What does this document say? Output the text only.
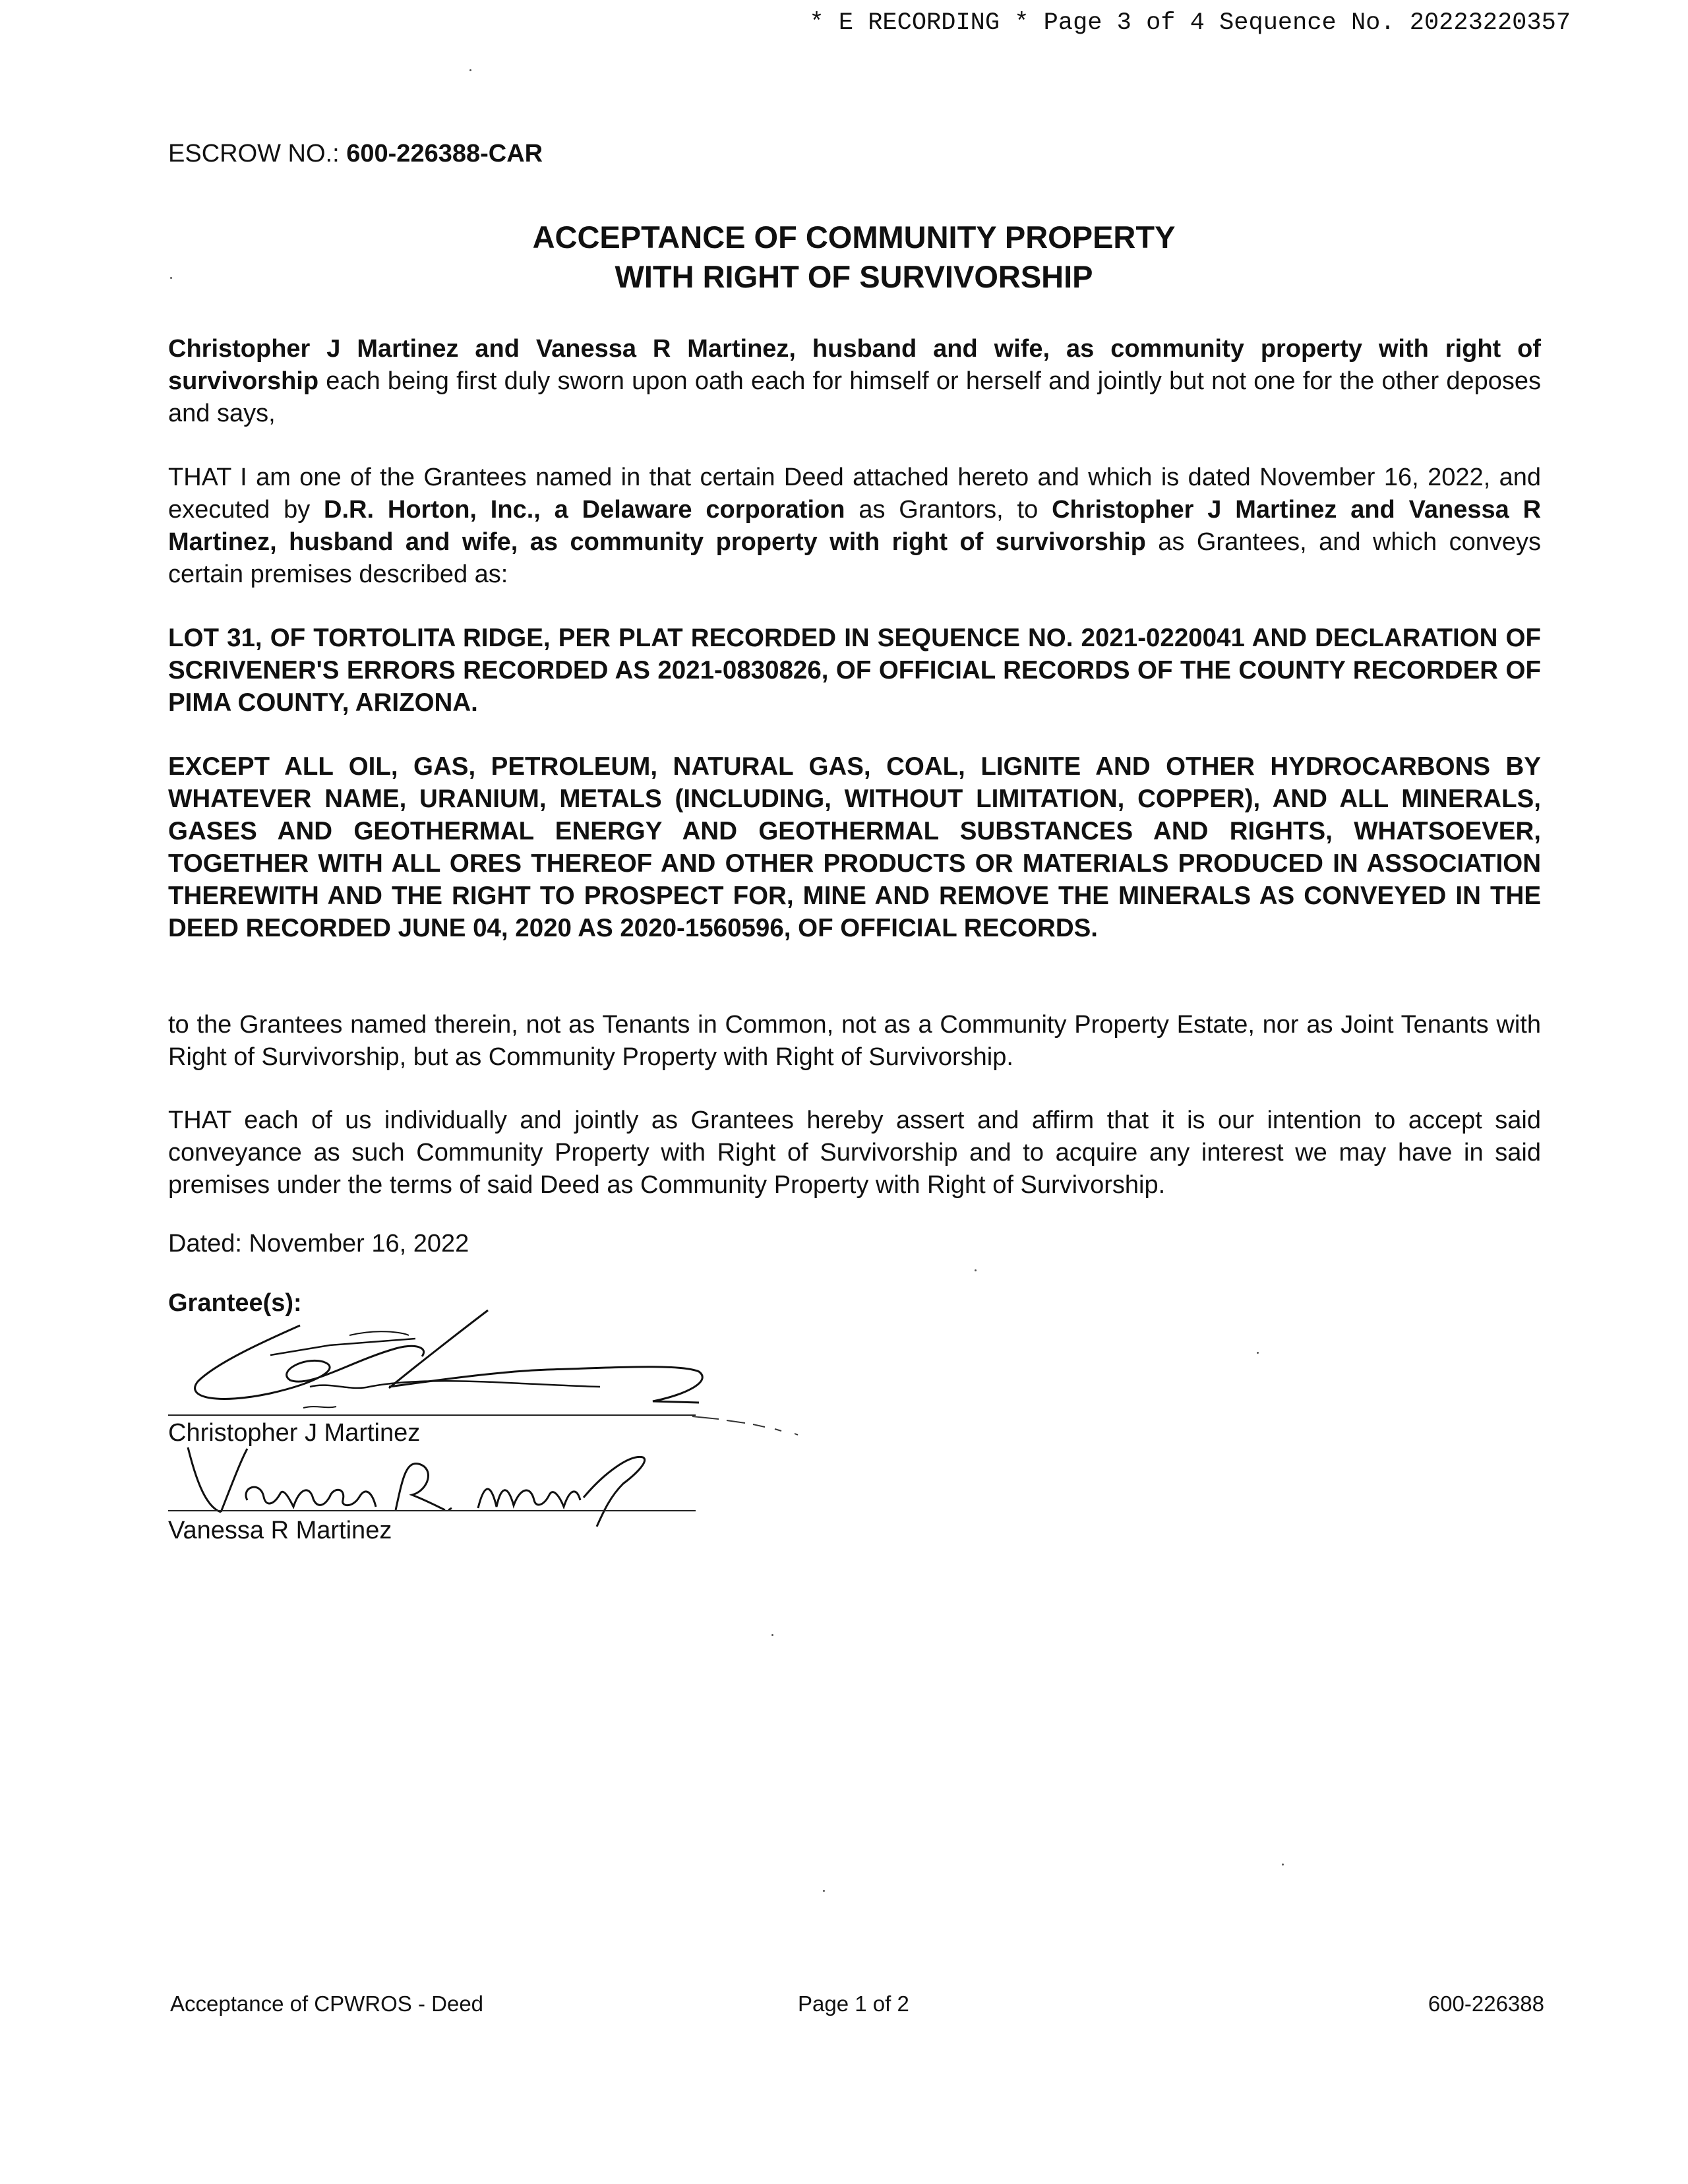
* E RECORDING * Page 3 of 4 Sequence No. 20223220357
ESCROW NO.: 600-226388-CAR
ACCEPTANCE OF COMMUNITY PROPERTY
WITH RIGHT OF SURVIVORSHIP
Christopher J Martinez and Vanessa R Martinez, husband and wife, as community property with right of survivorship each being first duly sworn upon oath each for himself or herself and jointly but not one for the other deposes and says,
THAT I am one of the Grantees named in that certain Deed attached hereto and which is dated November 16, 2022, and executed by D.R. Horton, Inc., a Delaware corporation as Grantors, to Christopher J Martinez and Vanessa R Martinez, husband and wife, as community property with right of survivorship as Grantees, and which conveys certain premises described as:
LOT 31, OF TORTOLITA RIDGE, PER PLAT RECORDED IN SEQUENCE NO. 2021-0220041 AND DECLARATION OF SCRIVENER'S ERRORS RECORDED AS 2021-0830826, OF OFFICIAL RECORDS OF THE COUNTY RECORDER OF PIMA COUNTY, ARIZONA.
EXCEPT ALL OIL, GAS, PETROLEUM, NATURAL GAS, COAL, LIGNITE AND OTHER HYDROCARBONS BY WHATEVER NAME, URANIUM, METALS (INCLUDING, WITHOUT LIMITATION, COPPER), AND ALL MINERALS, GASES AND GEOTHERMAL ENERGY AND GEOTHERMAL SUBSTANCES AND RIGHTS, WHATSOEVER, TOGETHER WITH ALL ORES THEREOF AND OTHER PRODUCTS OR MATERIALS PRODUCED IN ASSOCIATION THEREWITH AND THE RIGHT TO PROSPECT FOR, MINE AND REMOVE THE MINERALS AS CONVEYED IN THE DEED RECORDED JUNE 04, 2020 AS 2020-1560596, OF OFFICIAL RECORDS.
to the Grantees named therein, not as Tenants in Common, not as a Community Property Estate, nor as Joint Tenants with Right of Survivorship, but as Community Property with Right of Survivorship.
THAT each of us individually and jointly as Grantees hereby assert and affirm that it is our intention to accept said conveyance as such Community Property with Right of Survivorship and to acquire any interest we may have in said premises under the terms of said Deed as Community Property with Right of Survivorship.
Dated: November 16, 2022
Grantee(s):
Christopher J Martinez
Vanessa R Martinez
Acceptance of CPWROS - Deed	Page 1 of 2	600-226388
